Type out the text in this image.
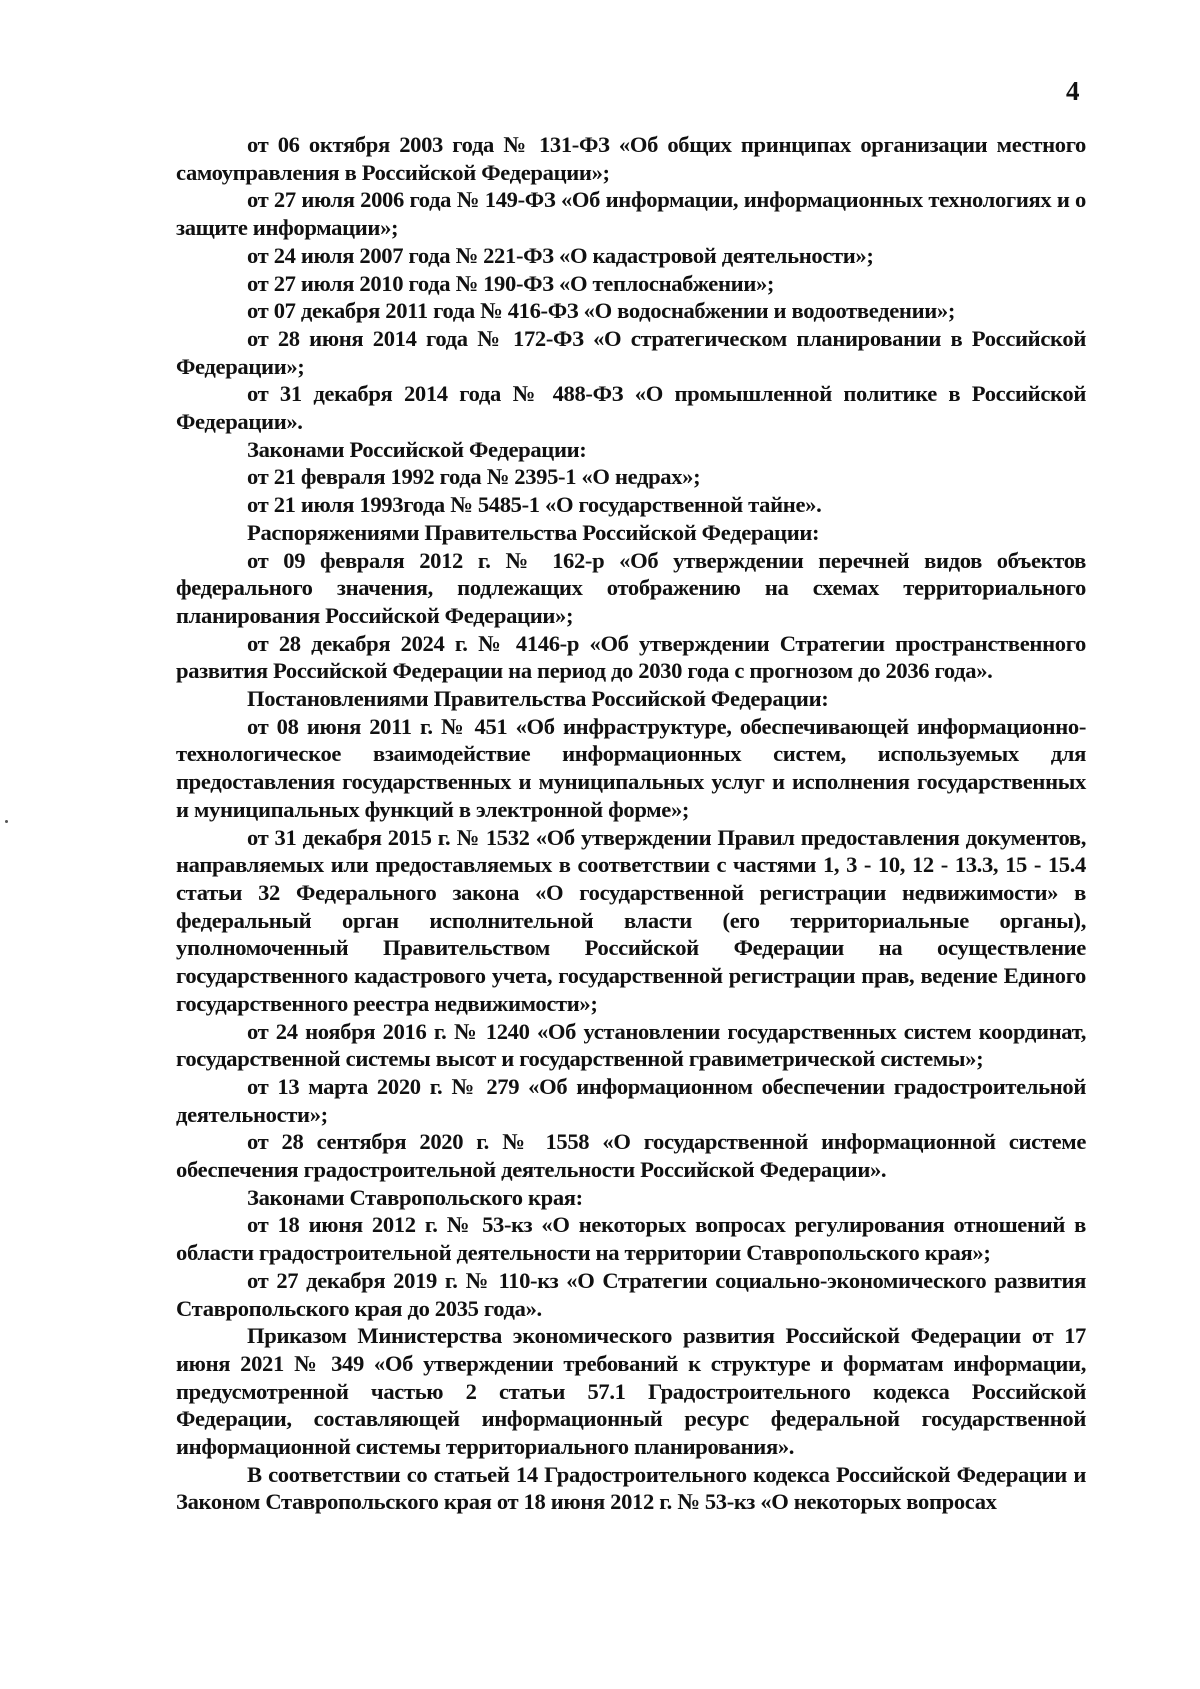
4

от 06 октября 2003 года № 131-ФЗ «Об общих принципах организации местного самоуправления в Российской Федерации»;

от 27 июля 2006 года № 149-ФЗ «Об информации, информационных технологиях и о защите информации»;

от 24 июля 2007 года № 221-ФЗ «О кадастровой деятельности»;

от 27 июля 2010 года № 190-ФЗ «О теплоснабжении»;

от 07 декабря 2011 года № 416-ФЗ «О водоснабжении и водоотведении»;

от 28 июня 2014 года № 172-ФЗ «О стратегическом планировании в Российской Федерации»;

от 31 декабря 2014 года № 488-ФЗ «О промышленной политике в Российской Федерации».

Законами Российской Федерации:

от 21 февраля 1992 года № 2395-1 «О недрах»;

от 21 июля 1993года № 5485-1 «О государственной тайне».

Распоряжениями Правительства Российской Федерации:

от 09 февраля 2012 г. № 162-р «Об утверждении перечней видов объектов федерального значения, подлежащих отображению на схемах территориального планирования Российской Федерации»;

от 28 декабря 2024 г. № 4146-р «Об утверждении Стратегии пространственного развития Российской Федерации на период до 2030 года с прогнозом до 2036 года».

Постановлениями Правительства Российской Федерации:

от 08 июня 2011 г. № 451 «Об инфраструктуре, обеспечивающей информационно-технологическое взаимодействие информационных систем, используемых для предоставления государственных и муниципальных услуг и исполнения государственных и муниципальных функций в электронной форме»;

от 31 декабря 2015 г. № 1532 «Об утверждении Правил предоставления документов, направляемых или предоставляемых в соответствии с частями 1, 3 - 10, 12 - 13.3, 15 - 15.4 статьи 32 Федерального закона «О государственной регистрации недвижимости» в федеральный орган исполнительной власти (его территориальные органы), уполномоченный Правительством Российской Федерации на осуществление государственного кадастрового учета, государственной регистрации прав, ведение Единого государственного реестра недвижимости»;

от 24 ноября 2016 г. № 1240 «Об установлении государственных систем координат, государственной системы высот и государственной гравиметрической системы»;

от 13 марта 2020 г. № 279 «Об информационном обеспечении градостроительной деятельности»;

от 28 сентября 2020 г. № 1558 «О государственной информационной системе обеспечения градостроительной деятельности Российской Федерации».

Законами Ставропольского края:

от 18 июня 2012 г. № 53-кз «О некоторых вопросах регулирования отношений в области градостроительной деятельности на территории Ставропольского края»;

от 27 декабря 2019 г. № 110-кз «О Стратегии социально-экономического развития Ставропольского края до 2035 года».

Приказом Министерства экономического развития Российской Федерации от 17 июня 2021 № 349 «Об утверждении требований к структуре и форматам информации, предусмотренной частью 2 статьи 57.1 Градостроительного кодекса Российской Федерации, составляющей информационный ресурс федеральной государственной информационной системы территориального планирования».

В соответствии со статьей 14 Градостроительного кодекса Российской Федерации и Законом Ставропольского края от 18 июня 2012 г. № 53-кз «О некоторых вопросах
